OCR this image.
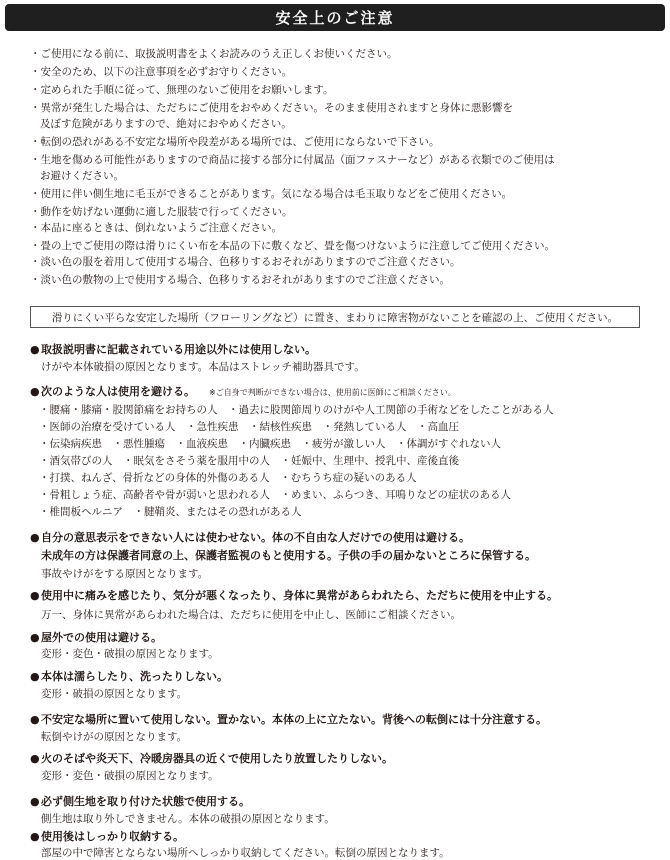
安全上のご注意
・ご使用になる前に、取扱説明書をよくお読みのうえ正しくお使いください。
・安全のため、以下の注意事項を必ずお守りください。
・定められた手順に従って、無理のないご使用をお願いします。
・異常が発生した場合は、ただちにご使用をおやめください。そのまま使用されますと身体に悪影響を
及ぼす危険がありますので、絶対におやめください。
・転倒の恐れがある不安定な場所や段差がある場所では、ご使用にならないで下さい。
・生地を傷める可能性がありますので商品に接する部分に付属品（面ファスナーなど）がある衣類でのご使用は
お避けください。
・使用に伴い側生地に毛玉ができることがあります。気になる場合は毛玉取りなどをご使用ください。
・動作を妨げない運動に適した服装で行ってください。
・本品に座るときは、倒れないようご注意ください。
・畳の上でご使用の際は滑りにくい布を本品の下に敷くなど、畳を傷つけないように注意してご使用ください。
・淡い色の服を着用して使用する場合、色移りするおそれがありますのでご注意ください。
・淡い色の敷物の上で使用する場合、色移りするおそれがありますのでご注意ください。
滑りにくい平らな安定した場所（フローリングなど）に置き、まわりに障害物がないことを確認の上、ご使用ください。
●取扱説明書に記載されている用途以外には使用しない。
けがや本体破損の原因となります。本品はストレッチ補助器具です。
●次のような人は使用を避ける。 ※ご自身で判断ができない場合は、使用前に医師にご相談ください。
・腰痛・膝痛・股関節痛をお持ちの人　・過去に股関節周りのけがや人工関節の手術などをしたことがある人
・医師の治療を受けている人　・急性疾患　・結核性疾患　・発熱している人　・高血圧
・伝染病疾患　・悪性腫瘍　・血液疾患　・内臓疾患　・疲労が激しい人　・体調がすぐれない人
・酒気帯びの人　・眠気をさそう薬を服用中の人　・妊娠中、生理中、授乳中、産後直後
・打撲、ねんざ、骨折などの身体的外傷のある人　・むちうち症の疑いのある人
・骨粗しょう症、高齢者や骨が弱いと思われる人　・めまい、ふらつき、耳鳴りなどの症状のある人
・椎間板ヘルニア　・腱鞘炎、またはその恐れがある人
●自分の意思表示をできない人には使わせない。体の不自由な人だけでの使用は避ける。
未成年の方は保護者同意の上、保護者監視のもと使用する。子供の手の届かないところに保管する。
事故やけがをする原因となります。
●使用中に痛みを感じたり、気分が悪くなったり、身体に異常があらわれたら、ただちに使用を中止する。
万一、身体に異常があらわれた場合は、ただちに使用を中止し、医師にご相談ください。
●屋外での使用は避ける。
変形・変色・破損の原因となります。
●本体は濡らしたり、洗ったりしない。
変形・破損の原因となります。
●不安定な場所に置いて使用しない。置かない。本体の上に立たない。背後への転倒には十分注意する。
転倒やけがの原因となります。
●火のそばや炎天下、冷暖房器具の近くで使用したり放置したりしない。
変形・変色・破損の原因となります。
●必ず側生地を取り付けた状態で使用する。
側生地は取り外しできません。本体の破損の原因となります。
●使用後はしっかり収納する。
部屋の中で障害とならない場所へしっかり収納してください。転倒の原因となります。
